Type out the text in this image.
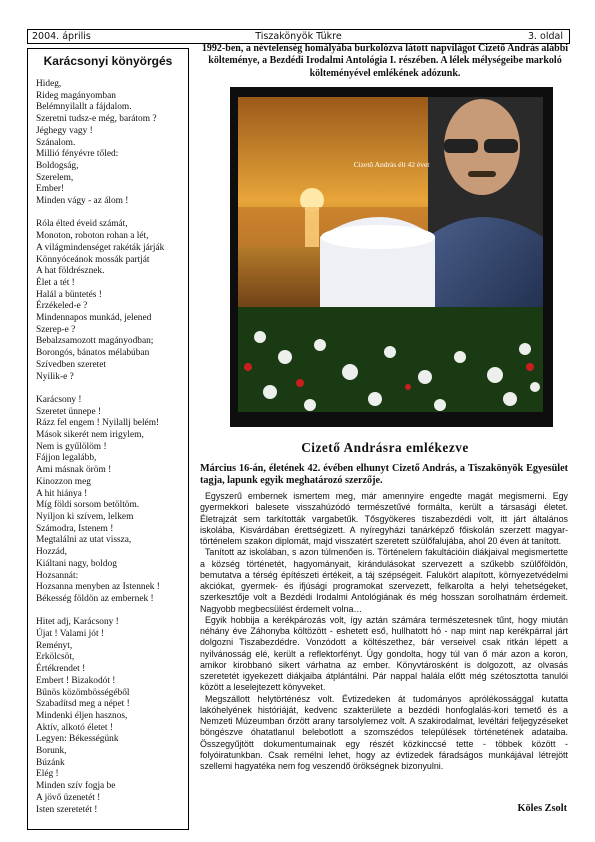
2004. április	Tiszakönyök Tükre	3. oldal
Karácsonyi könyörgés
Hideg,
Rideg magányomban
Belémnyilallt a fájdalom.
Szeretni tudsz-e még, barátom ?
Jéghegy vagy !
Szánalom.
Millió fényévre tőled:
Boldogság,
Szerelem,
Ember!
Minden vágy - az álom !
Róla élted éveid számát,
Monoton, roboton rohan a lét,
A világmindenséget rakéták járják
Könnyóceánok mossák partját
A hat földrésznek.
Élet a tét !
Halál a büntetés !
Érzékeled-e ?
Mindennapos munkád, jelened
Szerep-e ?
Bebalzsamozott magányodban;
Borongós, bánatos mélabúban
Szívedben szeretet
Nyilik-e ?
Karácsony !
Szeretet ünnepe !
Rázz fel engem ! Nyilallj belém!
Mások sikerét nem irigylem,
Nem is gyűlölöm !
Fájjon legalább,
Ami másnak öröm !
Kinozzon meg
A hit hiánya !
Míg földi sorsom betöltöm.
Nyiljon ki szívem, lelkem
Számodra, Istenem !
Megtalálni az utat visszа,
Hozzád,
Kiáltani nagy, boldog
Hozsannát:
Hozsanna menyben az Istennek !
Békesség földön az embernek !
Hitet adj, Karácsony !
Újat ! Valami jót !
Reményt,
Erkölcsöt,
Értékrendet !
Embert ! Bizakodót !
Bűnös közömbösségéből
Szabadítsd meg a népet !
Mindenki éljen hasznos,
Aktív, alkotó életet !
Legyen: Békességünk
Borunk,
Búzánk
Elég !
Minden szív fogja be
A jövő üzenetét !
Isten szeretetét !
1992-ben, a névtelenség homályába burkolózva látott napvilágot Cizető András alábbi költeménye, a Bezdédi Irodalmi Antológia I. részében. A lélek mélységeibe markoló költeményével emlékének adózunk.
Cizető András élt 42 évet
Cizető Andrásra emlékezve
Március 16-án, életének 42. évében elhunyt Cizető András, a Tiszakönyök Egyesület tagja, lapunk egyik meghatározó szerzője.

Egyszerű embernek ismertem meg, már amennyire engedte magát megismerni. Egy gyermekkori balesete visszahúzódó természetűvé formálta, került a társasági életet. Életrajzát sem tarkították vargabetűk. Tősgyökeres tiszabezdédi volt, itt járt általános iskolába, Kisvárdában érettségizett. A nyíregyházi tanárképző főiskolán szerzett magyar-történelem szakon diplomát, majd visszatért szeretett szülőfalujába, ahol 20 éven át tanított.

Tanított az iskolában, s azon túlmenően is. Történelem fakultációin diákjaival megismertette a község történetét, hagyományait, kirándulásokat szervezett a szűkebb szülőföldön, bemutatva a térség építészeti értékeit, a táj szépségeit. Falukört alapított, környezetvédelmi akciókat, gyermek- és ifjúsági programokat szervezett, felkarolta a helyi tehetségeket, szerkesztője volt a Bezdédi Irodalmi Antológiának és még hosszan sorolhatnám érdemeit. Nagyobb megbecsülést érdemelt volna…

Egyik hobbija a kerékpározás volt, így aztán számára természetesnek tűnt, hogy miután néhány éve Záhonyba költözött - eshetett eső, hullhatott hó - nap mint nap kerékpárral járt dolgozni Tiszabezdédre. Vonzódott a költészethez, bár verseivel csak ritkán lépett a nyilvánosság elé, került a reflektorfényt. Úgy gondolta, hogy túl van ő már azon a koron, amikor kirobbanó sikert várhatna az ember. Könyvtárosként is dolgozott, az olvasás szeretetét igyekezett diákjaiba átplántálni. Pár nappal halála előtt még szétosztotta tanulói között a leselejtezett könyveket.

Megszállott helytörténész volt. Évtizedeken át tudományos aprólékossággal kutatta lakóhelyének históriáját, kedvenc szakterülete a bezdédi honfoglalás-kori temető és a Nemzeti Múzeumban őrzött arany tarsolylemez volt. A szakirodalmat, levéltári feljegyzéseket böngészve óhatatlanul belebotlott a szomszédos települések történetének adataiba. Összegyűjtött dokumentumainak egy részét közkinccsé tette - többek között - folyóiratunkban. Csak remélni lehet, hogy az évtizedek fáradságos munkájával létrejött szellemi hagyatéka nem fog veszendő örökségnek bizonyulni.

Köles Zsolt
